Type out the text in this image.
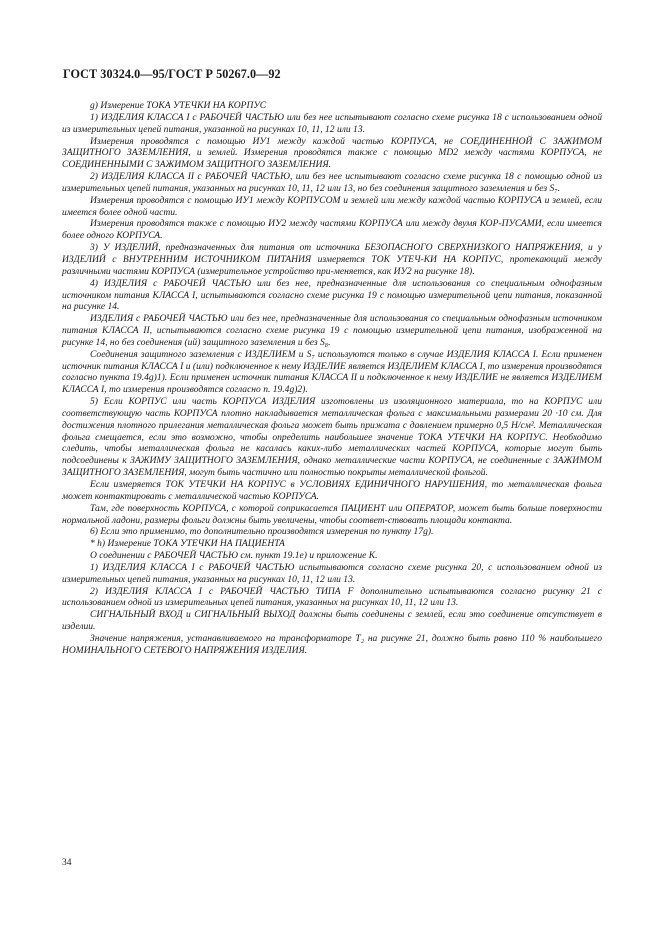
ГОСТ 30324.0—95/ГОСТ Р 50267.0—92

g) Измерение ТОКА УТЕЧКИ НА КОРПУС

1) ИЗДЕЛИЯ КЛАССА I с РАБОЧЕЙ ЧАСТЬЮ или без нее испытывают согласно схеме рисунка 18 с использованием одной из измерительных цепей питания, указанной на рисунках 10, 11, 12 или 13.

Измерения проводятся с помощью ИУ1 между каждой частью КОРПУСА, не СОЕДИНЕННОЙ С ЗАЖИМОМ ЗАЩИТНОГО ЗАЗЕМЛЕНИЯ, и землей. Измерения проводятся также с помощью MD2 между частями КОРПУСА, не СОЕДИНЕННЫМИ С ЗАЖИМОМ ЗАЩИТНОГО ЗАЗЕМЛЕНИЯ.

2) ИЗДЕЛИЯ КЛАССА II с РАБОЧЕЙ ЧАСТЬЮ, или без нее испытывают согласно схеме рисунка 18 с помощью одной из измерительных цепей питания, указанных на рисунках 10, 11, 12 или 13, но без соединения защитного заземления и без S₇.

Измерения проводятся с помощью ИУ1 между КОРПУСОМ и землей или между каждой частью КОРПУСА и землей, если имеется более одной части.

Измерения проводятся также с помощью ИУ2 между частями КОРПУСА или между двумя КОР-ПУСАМИ, если имеется более одного КОРПУСА.

3) У ИЗДЕЛИЙ, предназначенных для питания от источника БЕЗОПАСНОГО СВЕРХНИЗКОГО НАПРЯЖЕНИЯ, и у ИЗДЕЛИЙ с ВНУТРЕННИМ ИСТОЧНИКОМ ПИТАНИЯ измеряется ТОК УТЕЧ-КИ НА КОРПУС, протекающий между различными частями КОРПУСА (измерительное устройство при-меняется, как ИУ2 на рисунке 18).

4) ИЗДЕЛИЯ с РАБОЧЕЙ ЧАСТЬЮ или без нее, предназначенные для использования со специальным однофазным источником питания КЛАССА I, испытываются согласно схеме рисунка 19 с помощью измерительной цепи питания, показанной на рисунке 14.

ИЗДЕЛИЯ с РАБОЧЕЙ ЧАСТЬЮ или без нее, предназначенные для использования со специальным однофазным источником питания КЛАССА II, испытываются согласно схеме рисунка 19 с помощью измерительной цепи питания, изображенной на рисунке 14, но без соединения (ий) защитного заземления и без S₈.

Соединения защитного заземления с ИЗДЕЛИЕМ и S₇ используются только в случае ИЗДЕЛИЯ КЛАССА I. Если применен источник питания КЛАССА I и (или) подключенное к нему ИЗДЕЛИЕ является ИЗДЕЛИЕМ КЛАССА I, то измерения производятся согласно пункта 19.4g)1). Если применен источник питания КЛАССА II и подключенное к нему ИЗДЕЛИЕ не является ИЗДЕЛИЕМ КЛАССА I, то измерения производятся согласно п. 19.4g)2).

5) Если КОРПУС или часть КОРПУСА ИЗДЕЛИЯ изготовлены из изоляционного материала, то на КОРПУС или соответствующую часть КОРПУСА плотно накладывается металлическая фольга с максимальными размерами 20 ·10 см. Для достижения плотного прилегания металлическая фольга может быть прижата с давлением примерно 0,5 Н/см². Металлическая фольга смещается, если это возможно, чтобы определить наибольшее значение ТОКА УТЕЧКИ НА КОРПУС. Необходимо следить, чтобы металлическая фольга не касалась каких-либо металлических частей КОРПУСА, которые могут быть подсоединены к ЗАЖИМУ ЗАЩИТНОГО ЗАЗЕМЛЕНИЯ, однако металлические части КОРПУСА, не соединенные с ЗАЖИМОМ ЗАЩИТНОГО ЗАЗЕМЛЕНИЯ, могут быть частично или полностью покрыты металлической фольгой.

Если измеряется ТОК УТЕЧКИ НА КОРПУС в УСЛОВИЯХ ЕДИНИЧНОГО НАРУШЕНИЯ, то металлическая фольга может контактировать с металлической частью КОРПУСА.

Там, где поверхность КОРПУСА, с которой соприкасается ПАЦИЕНТ или ОПЕРАТОР, может быть больше поверхности нормальной ладони, размеры фольги должны быть увеличены, чтобы соответ-ствовать площади контакта.

6) Если это применимо, то дополнительно производятся измерения по пункту 17g).

* h) Измерение ТОКА УТЕЧКИ НА ПАЦИЕНТА

О соединении с РАБОЧЕЙ ЧАСТЬЮ см. пункт 19.1е) и приложение К.

1) ИЗДЕЛИЯ КЛАССА I с РАБОЧЕЙ ЧАСТЬЮ испытываются согласно схеме рисунка 20, с использованием одной из измерительных цепей питания, указанных на рисунках 10, 11, 12 или 13.

2) ИЗДЕЛИЯ КЛАССА I с РАБОЧЕЙ ЧАСТЬЮ ТИПА F дополнительно испытываются согласно рисунку 21 с использованием одной из измерительных цепей питания, указанных на рисунках 10, 11, 12 или 13.

СИГНАЛЬНЫЙ ВХОД и СИГНАЛЬНЫЙ ВЫХОД должны быть соединены с землей, если это соединение отсутствует в изделии.

Значение напряжения, устанавливаемого на трансформаторе T₂ на рисунке 21, должно быть равно 110 % наибольшего НОМИНАЛЬНОГО СЕТЕВОГО НАПРЯЖЕНИЯ ИЗДЕЛИЯ.

34
